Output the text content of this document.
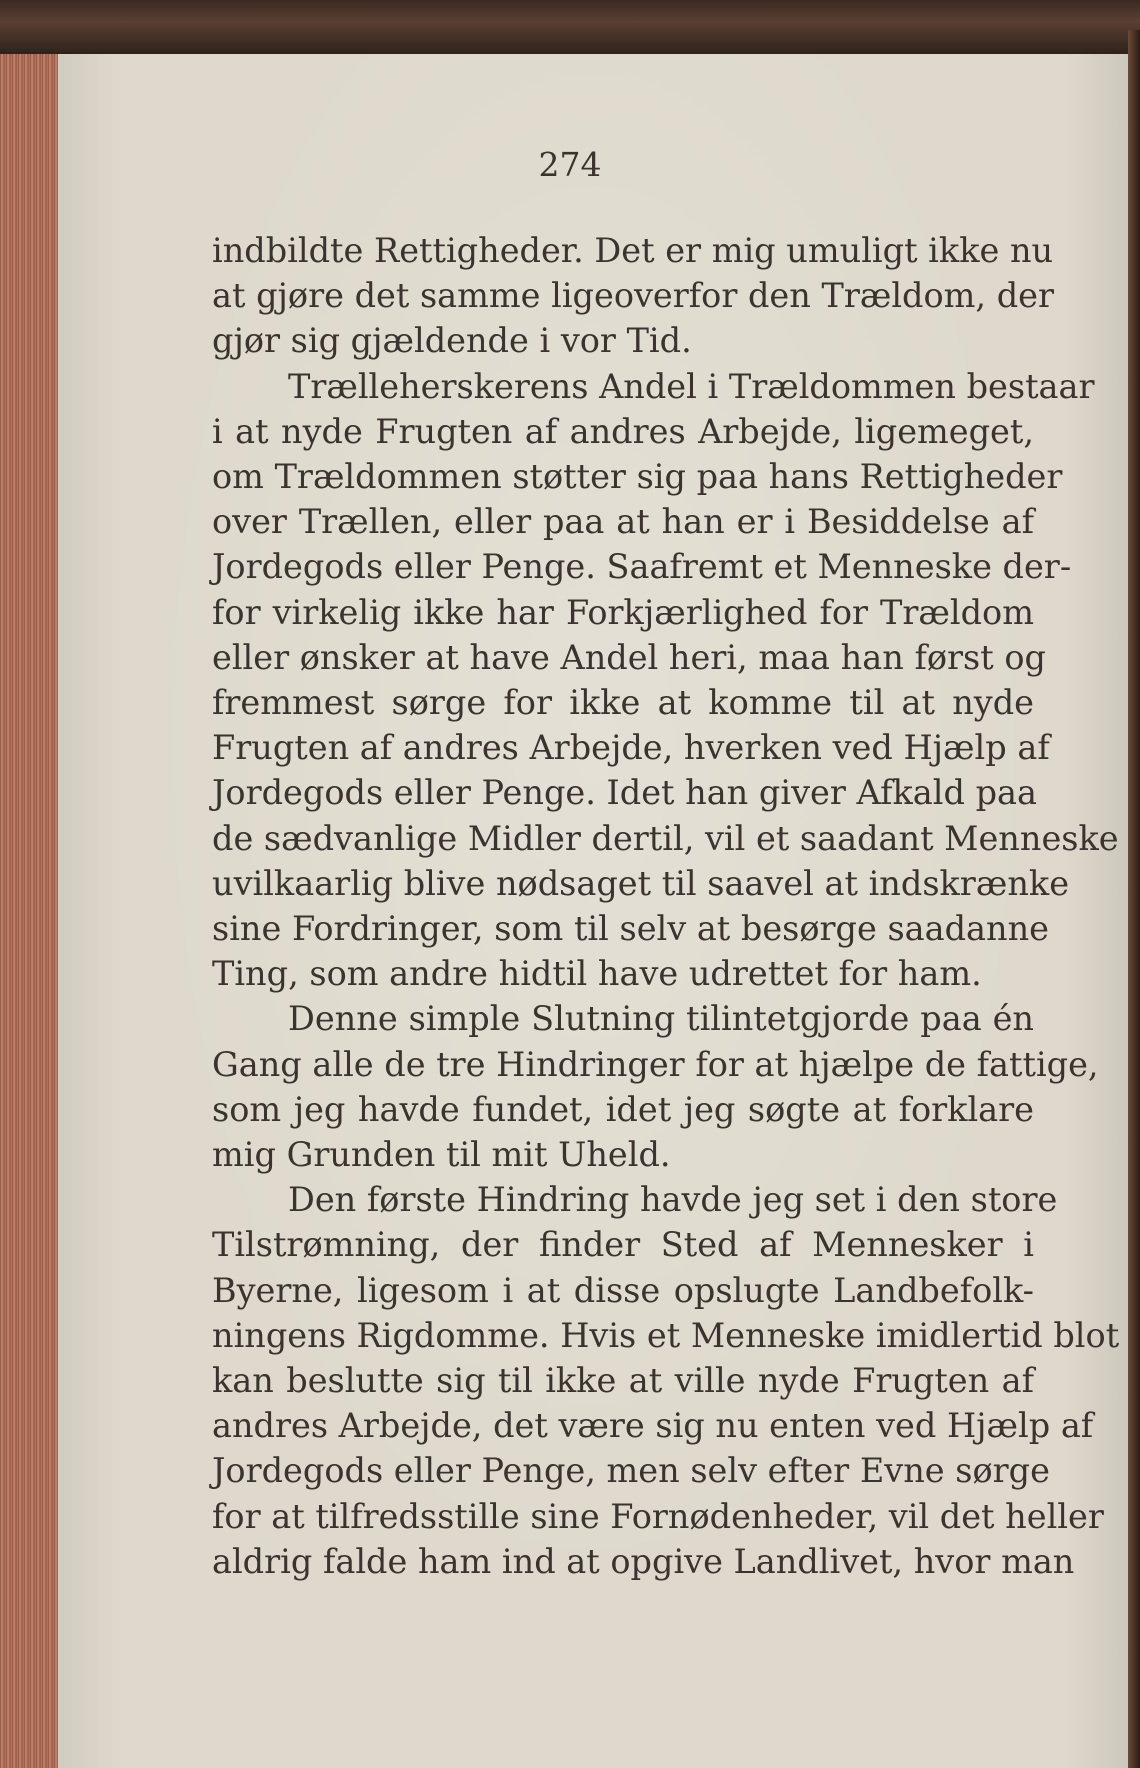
274
indbildte Rettigheder. Det er mig umuligt ikke nu
at gjøre det samme ligeoverfor den Trældom, der
gjør sig gjældende i vor Tid.
Trælleherskerens Andel i Trældommen bestaar
i at nyde Frugten af andres Arbejde, ligemeget,
om Trældommen støtter sig paa hans Rettigheder
over Trællen, eller paa at han er i Besiddelse af
Jordegods eller Penge. Saafremt et Menneske der-
for virkelig ikke har Forkjærlighed for Trældom
eller ønsker at have Andel heri, maa han først og
fremmest sørge for ikke at komme til at nyde
Frugten af andres Arbejde, hverken ved Hjælp af
Jordegods eller Penge. Idet han giver Afkald paa
de sædvanlige Midler dertil, vil et saadant Menneske
uvilkaarlig blive nødsaget til saavel at indskrænke
sine Fordringer, som til selv at besørge saadanne
Ting, som andre hidtil have udrettet for ham.
Denne simple Slutning tilintetgjorde paa én
Gang alle de tre Hindringer for at hjælpe de fattige,
som jeg havde fundet, idet jeg søgte at forklare
mig Grunden til mit Uheld.
Den første Hindring havde jeg set i den store
Tilstrømning, der finder Sted af Mennesker i
Byerne, ligesom i at disse opslugte Landbefolk-
ningens Rigdomme. Hvis et Menneske imidlertid blot
kan beslutte sig til ikke at ville nyde Frugten af
andres Arbejde, det være sig nu enten ved Hjælp af
Jordegods eller Penge, men selv efter Evne sørge
for at tilfredsstille sine Fornødenheder, vil det heller
aldrig falde ham ind at opgive Landlivet, hvor man
